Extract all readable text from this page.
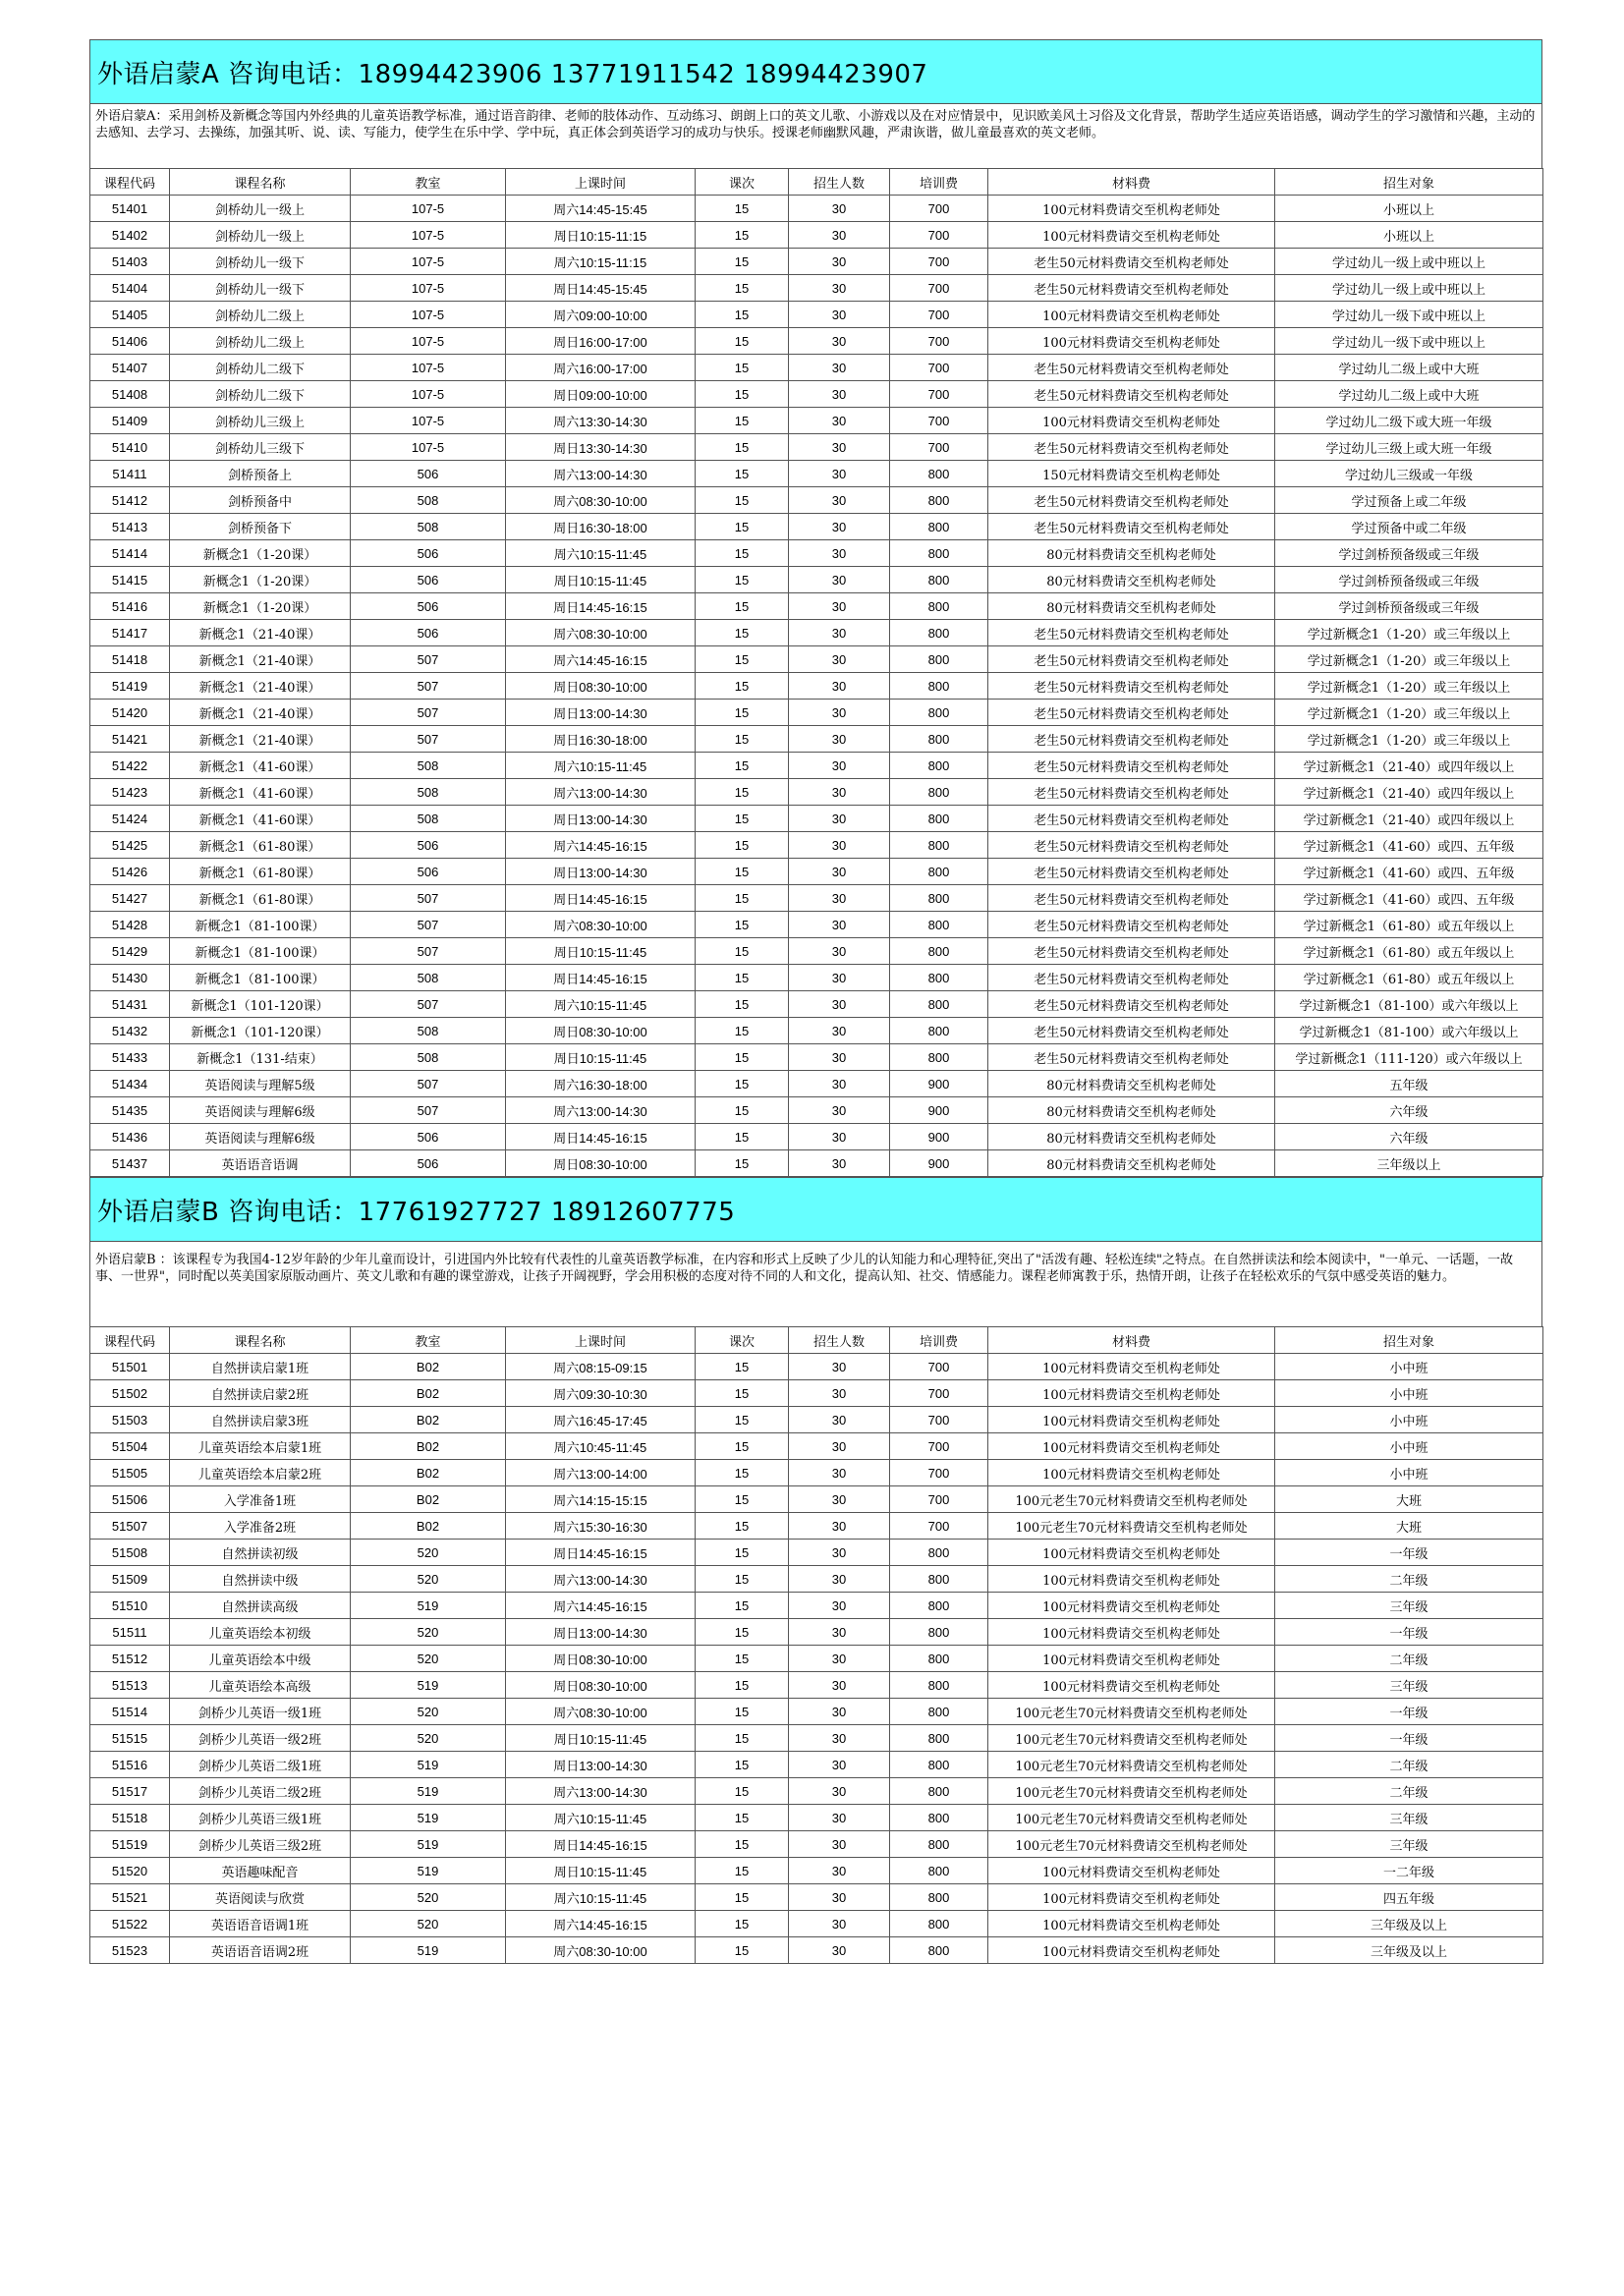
外语启蒙A 咨询电话：18994423906 13771911542 18994423907
外语启蒙A：采用剑桥及新概念等国内外经典的儿童英语教学标准，通过语音韵律、老师的肢体动作、互动练习、朗朗上口的英文儿歌、小游戏以及在对应情景中，见识欧美风土习俗及文化背景，帮助学生适应英语语感，调动学生的学习激情和兴趣，主动的去感知、去学习、去操练，加强其听、说、读、写能力，使学生在乐中学、学中玩，真正体会到英语学习的成功与快乐。授课老师幽默风趣，严肃诙谐，做儿童最喜欢的英文老师。
课程代码	课程名称	教室	上课时间	课次	招生人数	培训费	材料费	招生对象
51401	剑桥幼儿一级上	107-5	周六14:45-15:45	15	30	700	100元材料费请交至机构老师处	小班以上
51402	剑桥幼儿一级上	107-5	周日10:15-11:15	15	30	700	100元材料费请交至机构老师处	小班以上
51403	剑桥幼儿一级下	107-5	周六10:15-11:15	15	30	700	老生50元材料费请交至机构老师处	学过幼儿一级上或中班以上
51404	剑桥幼儿一级下	107-5	周日14:45-15:45	15	30	700	老生50元材料费请交至机构老师处	学过幼儿一级上或中班以上
51405	剑桥幼儿二级上	107-5	周六09:00-10:00	15	30	700	100元材料费请交至机构老师处	学过幼儿一级下或中班以上
51406	剑桥幼儿二级上	107-5	周日16:00-17:00	15	30	700	100元材料费请交至机构老师处	学过幼儿一级下或中班以上
51407	剑桥幼儿二级下	107-5	周六16:00-17:00	15	30	700	老生50元材料费请交至机构老师处	学过幼儿二级上或中大班
51408	剑桥幼儿二级下	107-5	周日09:00-10:00	15	30	700	老生50元材料费请交至机构老师处	学过幼儿二级上或中大班
51409	剑桥幼儿三级上	107-5	周六13:30-14:30	15	30	700	100元材料费请交至机构老师处	学过幼儿二级下或大班一年级
51410	剑桥幼儿三级下	107-5	周日13:30-14:30	15	30	700	老生50元材料费请交至机构老师处	学过幼儿三级上或大班一年级
51411	剑桥预备上	506	周六13:00-14:30	15	30	800	150元材料费请交至机构老师处	学过幼儿三级或一年级
51412	剑桥预备中	508	周六08:30-10:00	15	30	800	老生50元材料费请交至机构老师处	学过预备上或二年级
51413	剑桥预备下	508	周日16:30-18:00	15	30	800	老生50元材料费请交至机构老师处	学过预备中或二年级
51414	新概念1（1-20课）	506	周六10:15-11:45	15	30	800	80元材料费请交至机构老师处	学过剑桥预备级或三年级
51415	新概念1（1-20课）	506	周日10:15-11:45	15	30	800	80元材料费请交至机构老师处	学过剑桥预备级或三年级
51416	新概念1（1-20课）	506	周日14:45-16:15	15	30	800	80元材料费请交至机构老师处	学过剑桥预备级或三年级
51417	新概念1（21-40课）	506	周六08:30-10:00	15	30	800	老生50元材料费请交至机构老师处	学过新概念1（1-20）或三年级以上
51418	新概念1（21-40课）	507	周六14:45-16:15	15	30	800	老生50元材料费请交至机构老师处	学过新概念1（1-20）或三年级以上
51419	新概念1（21-40课）	507	周日08:30-10:00	15	30	800	老生50元材料费请交至机构老师处	学过新概念1（1-20）或三年级以上
51420	新概念1（21-40课）	507	周日13:00-14:30	15	30	800	老生50元材料费请交至机构老师处	学过新概念1（1-20）或三年级以上
51421	新概念1（21-40课）	507	周日16:30-18:00	15	30	800	老生50元材料费请交至机构老师处	学过新概念1（1-20）或三年级以上
51422	新概念1（41-60课）	508	周六10:15-11:45	15	30	800	老生50元材料费请交至机构老师处	学过新概念1（21-40）或四年级以上
51423	新概念1（41-60课）	508	周六13:00-14:30	15	30	800	老生50元材料费请交至机构老师处	学过新概念1（21-40）或四年级以上
51424	新概念1（41-60课）	508	周日13:00-14:30	15	30	800	老生50元材料费请交至机构老师处	学过新概念1（21-40）或四年级以上
51425	新概念1（61-80课）	506	周六14:45-16:15	15	30	800	老生50元材料费请交至机构老师处	学过新概念1（41-60）或四、五年级
51426	新概念1（61-80课）	506	周日13:00-14:30	15	30	800	老生50元材料费请交至机构老师处	学过新概念1（41-60）或四、五年级
51427	新概念1（61-80课）	507	周日14:45-16:15	15	30	800	老生50元材料费请交至机构老师处	学过新概念1（41-60）或四、五年级
51428	新概念1（81-100课）	507	周六08:30-10:00	15	30	800	老生50元材料费请交至机构老师处	学过新概念1（61-80）或五年级以上
51429	新概念1（81-100课）	507	周日10:15-11:45	15	30	800	老生50元材料费请交至机构老师处	学过新概念1（61-80）或五年级以上
51430	新概念1（81-100课）	508	周日14:45-16:15	15	30	800	老生50元材料费请交至机构老师处	学过新概念1（61-80）或五年级以上
51431	新概念1（101-120课）	507	周六10:15-11:45	15	30	800	老生50元材料费请交至机构老师处	学过新概念1（81-100）或六年级以上
51432	新概念1（101-120课）	508	周日08:30-10:00	15	30	800	老生50元材料费请交至机构老师处	学过新概念1（81-100）或六年级以上
51433	新概念1（131-结束）	508	周日10:15-11:45	15	30	800	老生50元材料费请交至机构老师处	学过新概念1（111-120）或六年级以上
51434	英语阅读与理解5级	507	周六16:30-18:00	15	30	900	80元材料费请交至机构老师处	五年级
51435	英语阅读与理解6级	507	周六13:00-14:30	15	30	900	80元材料费请交至机构老师处	六年级
51436	英语阅读与理解6级	506	周日14:45-16:15	15	30	900	80元材料费请交至机构老师处	六年级
51437	英语语音语调	506	周日08:30-10:00	15	30	900	80元材料费请交至机构老师处	三年级以上
外语启蒙B 咨询电话：17761927727 18912607775
外语启蒙B ：该课程专为我国4-12岁年龄的少年儿童而设计，引进国内外比较有代表性的儿童英语教学标准，在内容和形式上反映了少儿的认知能力和心理特征,突出了"活泼有趣、轻松连续"之特点。在自然拼读法和绘本阅读中，"一单元、一话题，一故事、一世界"，同时配以英美国家原版动画片、英文儿歌和有趣的课堂游戏，让孩子开阔视野，学会用积极的态度对待不同的人和文化，提高认知、社交、情感能力。课程老师寓教于乐，热情开朗，让孩子在轻松欢乐的气氛中感受英语的魅力。
课程代码	课程名称	教室	上课时间	课次	招生人数	培训费	材料费	招生对象
51501	自然拼读启蒙1班	B02	周六08:15-09:15	15	30	700	100元材料费请交至机构老师处	小中班
51502	自然拼读启蒙2班	B02	周六09:30-10:30	15	30	700	100元材料费请交至机构老师处	小中班
51503	自然拼读启蒙3班	B02	周六16:45-17:45	15	30	700	100元材料费请交至机构老师处	小中班
51504	儿童英语绘本启蒙1班	B02	周六10:45-11:45	15	30	700	100元材料费请交至机构老师处	小中班
51505	儿童英语绘本启蒙2班	B02	周六13:00-14:00	15	30	700	100元材料费请交至机构老师处	小中班
51506	入学准备1班	B02	周六14:15-15:15	15	30	700	100元老生70元材料费请交至机构老师处	大班
51507	入学准备2班	B02	周六15:30-16:30	15	30	700	100元老生70元材料费请交至机构老师处	大班
51508	自然拼读初级	520	周日14:45-16:15	15	30	800	100元材料费请交至机构老师处	一年级
51509	自然拼读中级	520	周六13:00-14:30	15	30	800	100元材料费请交至机构老师处	二年级
51510	自然拼读高级	519	周六14:45-16:15	15	30	800	100元材料费请交至机构老师处	三年级
51511	儿童英语绘本初级	520	周日13:00-14:30	15	30	800	100元材料费请交至机构老师处	一年级
51512	儿童英语绘本中级	520	周日08:30-10:00	15	30	800	100元材料费请交至机构老师处	二年级
51513	儿童英语绘本高级	519	周日08:30-10:00	15	30	800	100元材料费请交至机构老师处	三年级
51514	剑桥少儿英语一级1班	520	周六08:30-10:00	15	30	800	100元老生70元材料费请交至机构老师处	一年级
51515	剑桥少儿英语一级2班	520	周日10:15-11:45	15	30	800	100元老生70元材料费请交至机构老师处	一年级
51516	剑桥少儿英语二级1班	519	周日13:00-14:30	15	30	800	100元老生70元材料费请交至机构老师处	二年级
51517	剑桥少儿英语二级2班	519	周六13:00-14:30	15	30	800	100元老生70元材料费请交至机构老师处	二年级
51518	剑桥少儿英语三级1班	519	周六10:15-11:45	15	30	800	100元老生70元材料费请交至机构老师处	三年级
51519	剑桥少儿英语三级2班	519	周日14:45-16:15	15	30	800	100元老生70元材料费请交至机构老师处	三年级
51520	英语趣味配音	519	周日10:15-11:45	15	30	800	100元材料费请交至机构老师处	一二年级
51521	英语阅读与欣赏	520	周六10:15-11:45	15	30	800	100元材料费请交至机构老师处	四五年级
51522	英语语音语调1班	520	周六14:45-16:15	15	30	800	100元材料费请交至机构老师处	三年级及以上
51523	英语语音语调2班	519	周六08:30-10:00	15	30	800	100元材料费请交至机构老师处	三年级及以上
